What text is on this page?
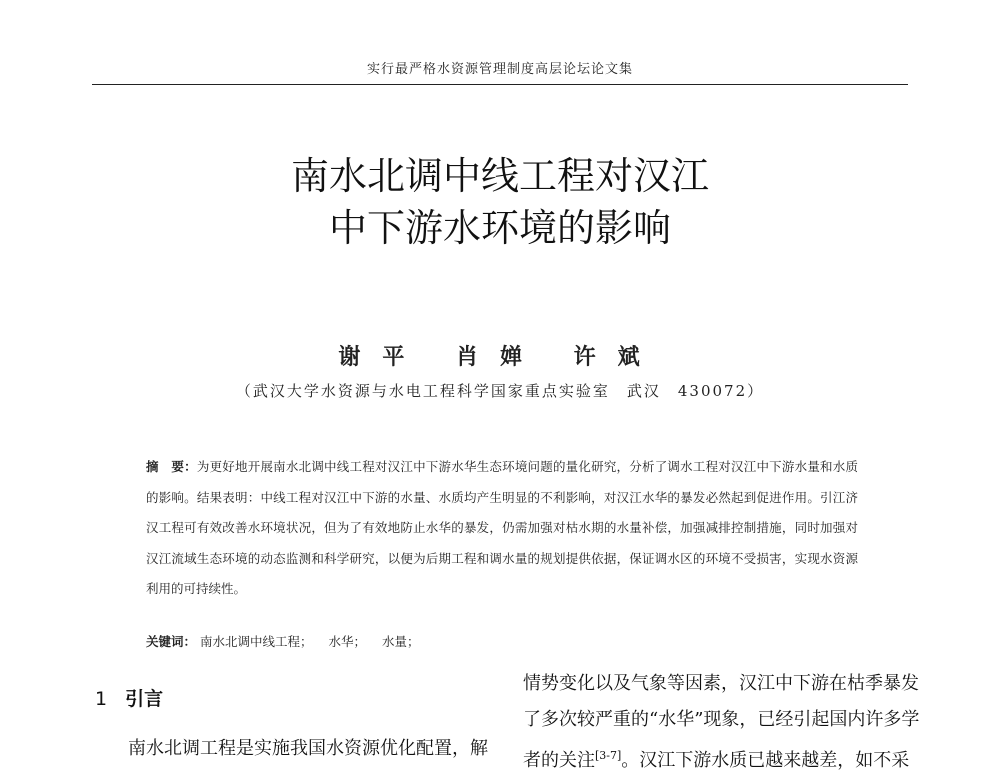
实行最严格水资源管理制度高层论坛论文集
南水北调中线工程对汉江
中下游水环境的影响
谢平 肖婵 许斌
（武汉大学水资源与水电工程科学国家重点实验室　武汉　430072）
摘　要：为更好地开展南水北调中线工程对汉江中下游水华生态环境问题的量化研究，分析了调水工程对汉江中下游水量和水质的影响。结果表明：中线工程对汉江中下游的水量、水质均产生明显的不利影响，对汉江水华的暴发必然起到促进作用。引江济汉工程可有效改善水环境状况，但为了有效地防止水华的暴发，仍需加强对枯水期的水量补偿，加强减排控制措施，同时加强对汉江流域生态环境的动态监测和科学研究，以便为后期工程和调水量的规划提供依据，保证调水区的环境不受损害，实现水资源利用的可持续性。
关键词： 南水北调中线工程； 水华； 水量；
1 引言
南水北调工程是实施我国水资源优化配置，解
情势变化以及气象等因素，汉江中下游在枯季暴发
了多次较严重的“水华”现象，已经引起国内许多学
者的关注[3-7]。汉江下游水质已越来越差，如不采
